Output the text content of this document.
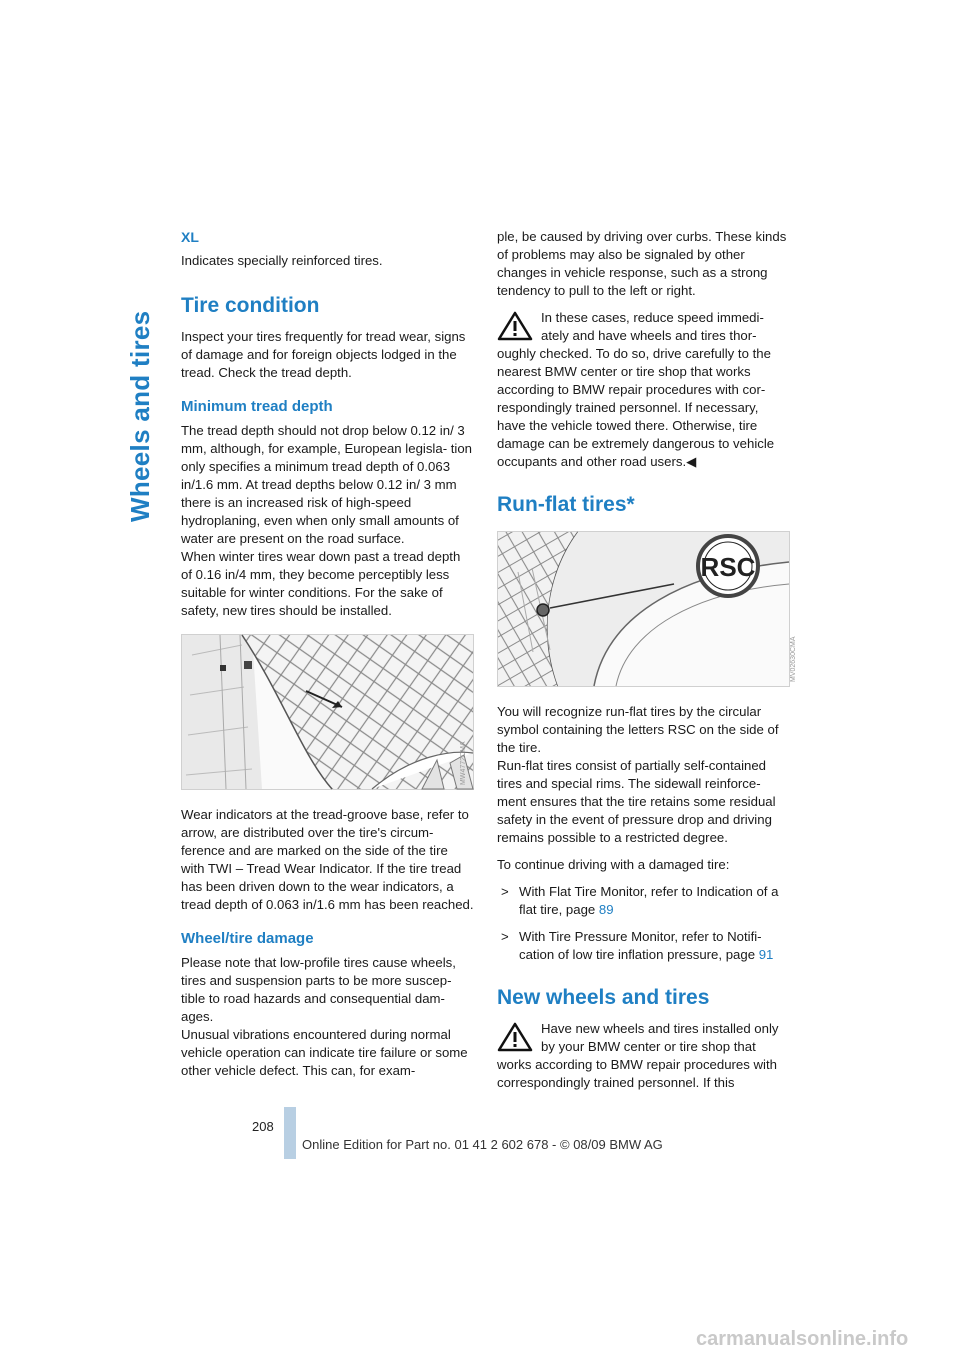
Wheels and tires
XL

Indicates specially reinforced tires.

Tire condition

Inspect your tires frequently for tread wear, signs of damage and for foreign objects lodged in the tread. Check the tread depth.

Minimum tread depth

The tread depth should not drop below 0.12 in/ 3 mm, although, for example, European legisla- tion only specifies a minimum tread depth of 0.063 in/1.6 mm. At tread depths below 0.12 in/ 3 mm there is an increased risk of high-speed hydroplaning, even when only small amounts of water are present on the road surface.

When winter tires wear down past a tread depth of 0.16 in/4 mm, they become perceptibly less suitable for winter conditions. For the sake of safety, new tires should be installed.

MW4772CMA

Wear indicators at the tread-groove base, refer to arrow, are distributed over the tire's circum- ference and are marked on the side of the tire with TWI – Tread Wear Indicator. If the tire tread has been driven down to the wear indicators, a tread depth of 0.063 in/1.6 mm has been reached.

Wheel/tire damage

Please note that low-profile tires cause wheels, tires and suspension parts to be more suscep- tible to road hazards and consequential dam- ages.

Unusual vibrations encountered during normal vehicle operation can indicate tire failure or some other vehicle defect. This can, for exam-

ple, be caused by driving over curbs. These kinds of problems may also be signaled by other changes in vehicle response, such as a strong tendency to pull to the left or right.

In these cases, reduce speed immedi- ately and have wheels and tires thor- oughly checked. To do so, drive carefully to the nearest BMW center or tire shop that works according to BMW repair procedures with cor- respondingly trained personnel. If necessary, have the vehicle towed there. Otherwise, tire damage can be extremely dangerous to vehicle occupants and other road users.◀

Run-flat tires*
RSC
MV02630CMA

You will recognize run-flat tires by the circular symbol containing the letters RSC on the side of the tire.

Run-flat tires consist of partially self-contained tires and special rims. The sidewall reinforce- ment ensures that the tire retains some residual safety in the event of pressure drop and driving remains possible to a restricted degree.

To continue driving with a damaged tire:

> With Flat Tire Monitor, refer to Indication of a flat tire, page 89
> With Tire Pressure Monitor, refer to Notifi- cation of low tire inflation pressure, page 91
New wheels and tires

Have new wheels and tires installed only by your BMW center or tire shop that works according to BMW repair procedures with correspondingly trained personnel. If this

208
Online Edition for Part no. 01 41 2 602 678 - © 08/09 BMW AG
carmanualsonline.info
